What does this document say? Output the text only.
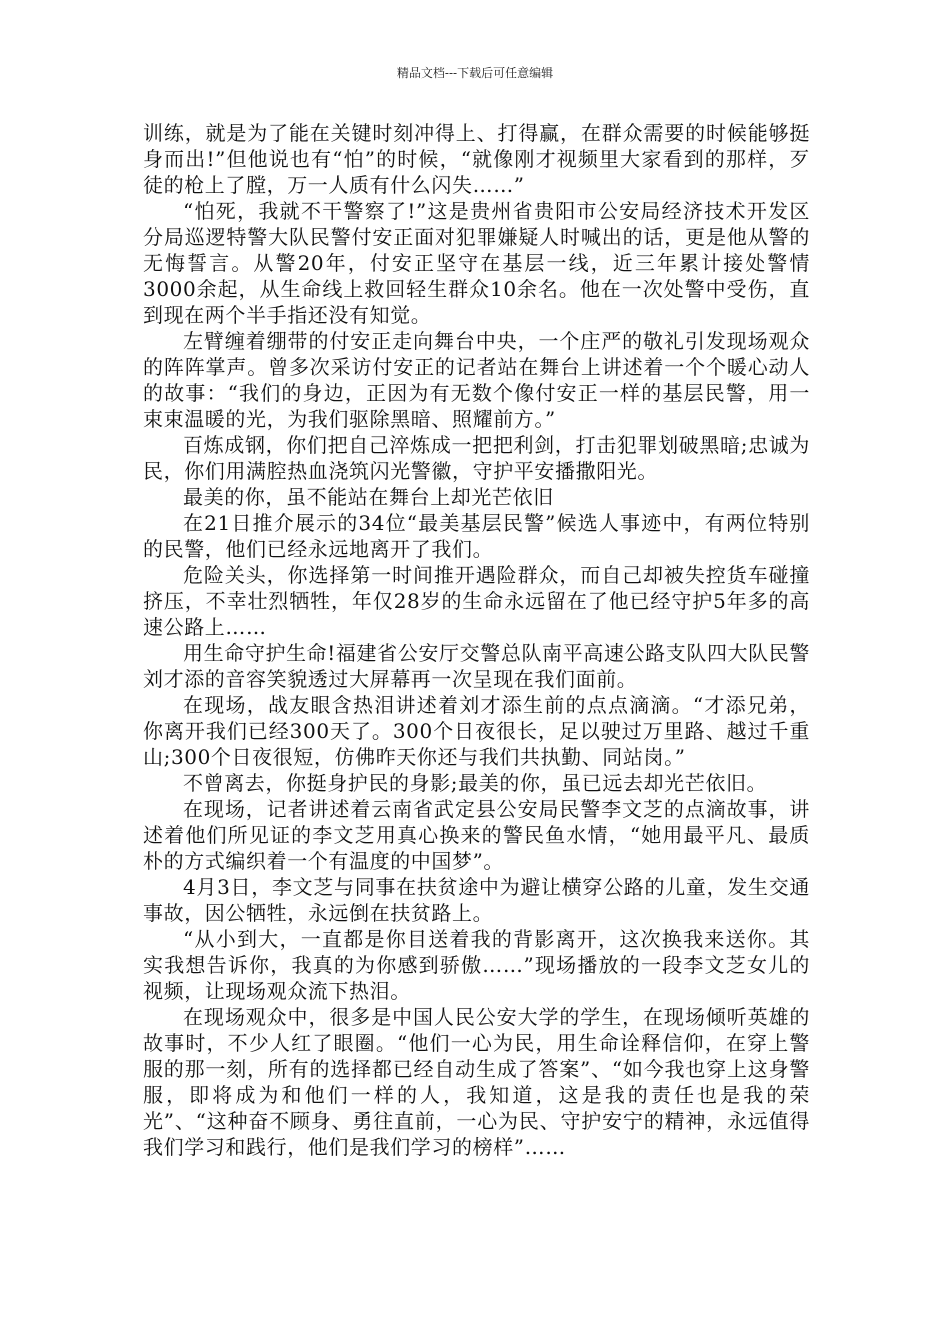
精品文档---下载后可任意编辑

训练，就是为了能在关键时刻冲得上、打得赢，在群众需要的时候能够挺身而出!”但他说也有“怕”的时候，“就像刚才视频里大家看到的那样，歹徒的枪上了膛，万一人质有什么闪失……”

“怕死，我就不干警察了!”这是贵州省贵阳市公安局经济技术开发区分局巡逻特警大队民警付安正面对犯罪嫌疑人时喊出的话，更是他从警的无悔誓言。从警20年，付安正坚守在基层一线，近三年累计接处警情3000余起，从生命线上救回轻生群众10余名。他在一次处警中受伤，直到现在两个半手指还没有知觉。

左臂缠着绷带的付安正走向舞台中央，一个庄严的敬礼引发现场观众的阵阵掌声。曾多次采访付安正的记者站在舞台上讲述着一个个暖心动人的故事：“我们的身边，正因为有无数个像付安正一样的基层民警，用一束束温暖的光，为我们驱除黑暗、照耀前方。”

百炼成钢，你们把自己淬炼成一把把利剑，打击犯罪划破黑暗;忠诚为民，你们用满腔热血浇筑闪光警徽，守护平安播撒阳光。

最美的你，虽不能站在舞台上却光芒依旧

在21日推介展示的34位“最美基层民警”候选人事迹中，有两位特别的民警，他们已经永远地离开了我们。

危险关头，你选择第一时间推开遇险群众，而自己却被失控货车碰撞挤压，不幸壮烈牺牲，年仅28岁的生命永远留在了他已经守护5年多的高速公路上……

用生命守护生命!福建省公安厅交警总队南平高速公路支队四大队民警刘才添的音容笑貌透过大屏幕再一次呈现在我们面前。

在现场，战友眼含热泪讲述着刘才添生前的点点滴滴。“才添兄弟，你离开我们已经300天了。300个日夜很长，足以驶过万里路、越过千重山;300个日夜很短，仿佛昨天你还与我们共执勤、同站岗。”

不曾离去，你挺身护民的身影;最美的你，虽已远去却光芒依旧。

在现场，记者讲述着云南省武定县公安局民警李文芝的点滴故事，讲述着他们所见证的李文芝用真心换来的警民鱼水情，“她用最平凡、最质朴的方式编织着一个有温度的中国梦”。

4月3日，李文芝与同事在扶贫途中为避让横穿公路的儿童，发生交通事故，因公牺牲，永远倒在扶贫路上。

“从小到大，一直都是你目送着我的背影离开，这次换我来送你。其实我想告诉你，我真的为你感到骄傲……”现场播放的一段李文芝女儿的视频，让现场观众流下热泪。

在现场观众中，很多是中国人民公安大学的学生，在现场倾听英雄的故事时，不少人红了眼圈。“他们一心为民，用生命诠释信仰，在穿上警服的那一刻，所有的选择都已经自动生成了答案”、“如今我也穿上这身警服，即将成为和他们一样的人，我知道，这是我的责任也是我的荣光”、“这种奋不顾身、勇往直前，一心为民、守护安宁的精神，永远值得我们学习和践行，他们是我们学习的榜样”……
